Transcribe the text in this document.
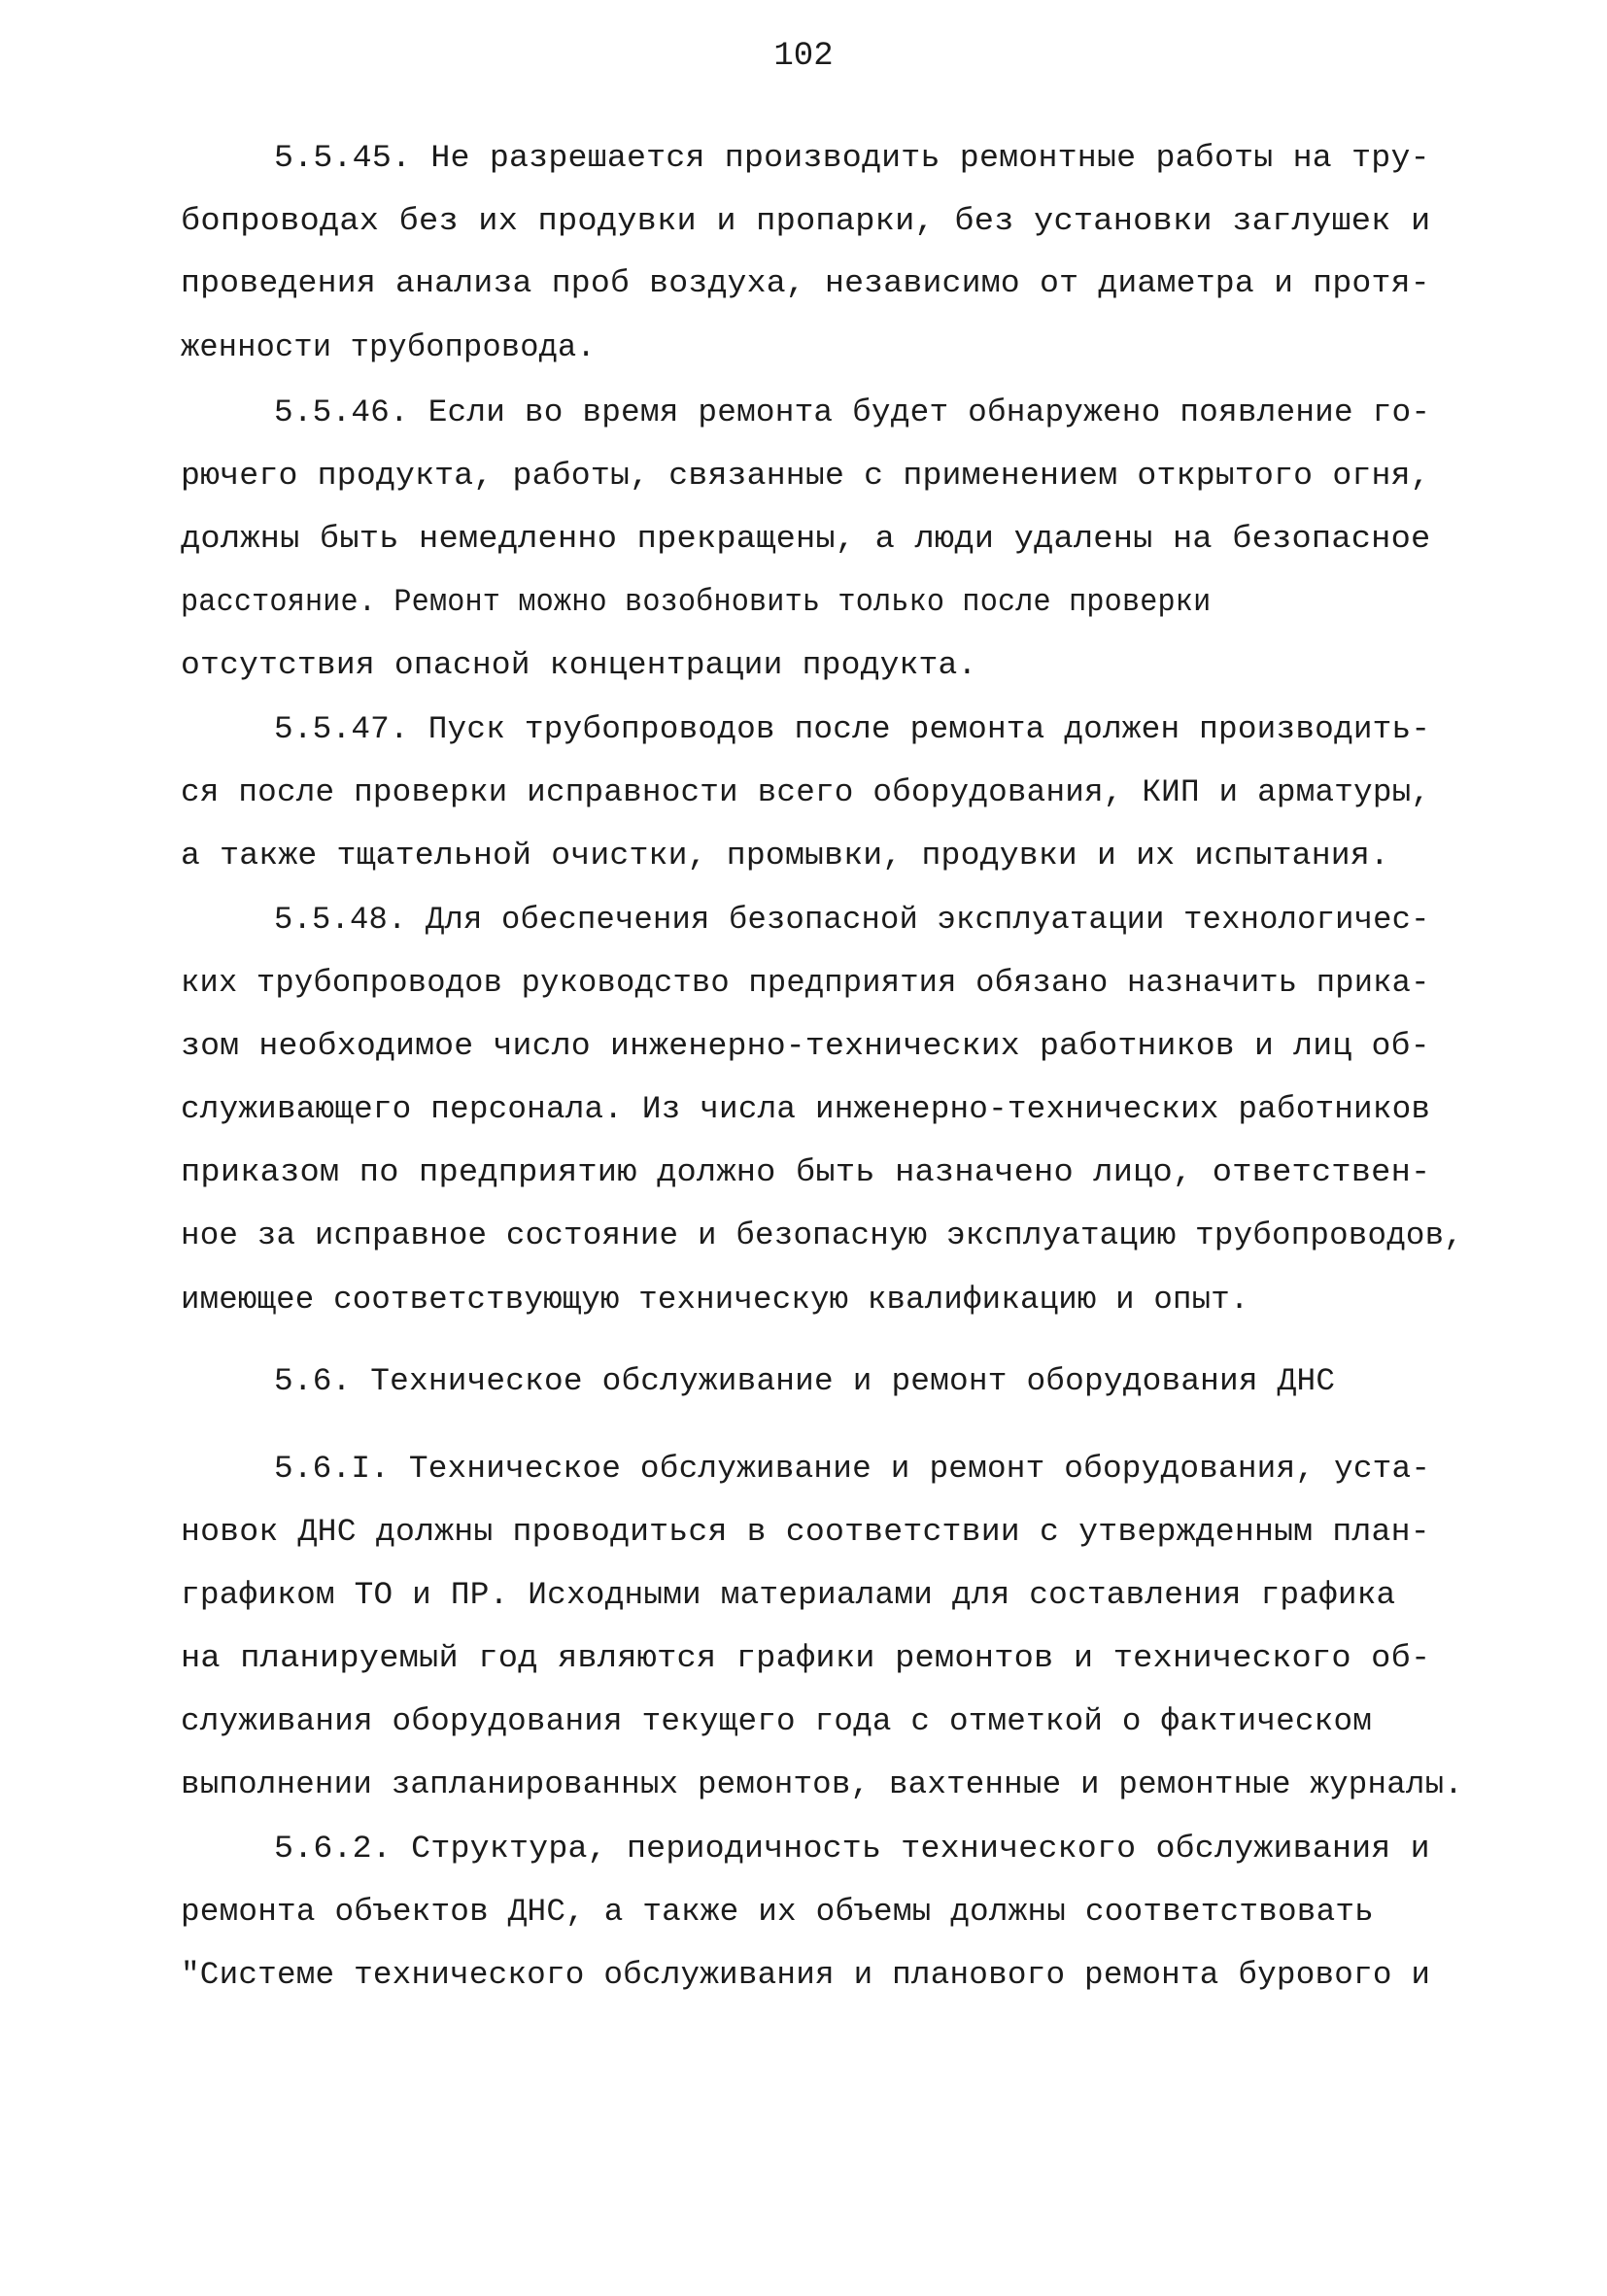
102
5.5.45. Не разрешается производить ремонтные работы на тру-
бопроводах без их продувки и пропарки, без установки заглушек и
проведения анализа проб воздуха, независимо от диаметра и протя-
женности трубопровода.
5.5.46. Если во время ремонта будет обнаружено появление го-
рючего продукта, работы, связанные с применением открытого огня,
должны быть немедленно прекращены, а люди удалены на безопасное
расстояние. Ремонт можно возобновить только после проверки
отсутствия опасной концентрации продукта.
5.5.47. Пуск трубопроводов после ремонта должен производить-
ся после проверки исправности всего оборудования, КИП и арматуры,
а также тщательной очистки, промывки, продувки и их испытания.
5.5.48. Для обеспечения безопасной эксплуатации технологичес-
ких трубопроводов руководство предприятия обязано назначить прика-
зом необходимое число инженерно-технических работников и лиц об-
служивающего персонала. Из числа инженерно-технических работников
приказом по предприятию должно быть назначено лицо, ответствен-
ное за исправное состояние и безопасную эксплуатацию трубопроводов,
имеющее соответствующую техническую квалификацию и опыт.
5.6. Техническое обслуживание и ремонт оборудования ДНС
5.6.I. Техническое обслуживание и ремонт оборудования, уста-
новок ДНС должны проводиться в соответствии с утвержденным план-
графиком ТО и ПР. Исходными материалами для составления графика
на планируемый год являются графики ремонтов и технического об-
служивания оборудования текущего года с отметкой о фактическом
выполнении запланированных ремонтов, вахтенные и ремонтные журналы.
5.6.2. Структура, периодичность технического обслуживания и
ремонта объектов ДНС, а также их объемы должны соответствовать
"Системе технического обслуживания и планового ремонта бурового и
